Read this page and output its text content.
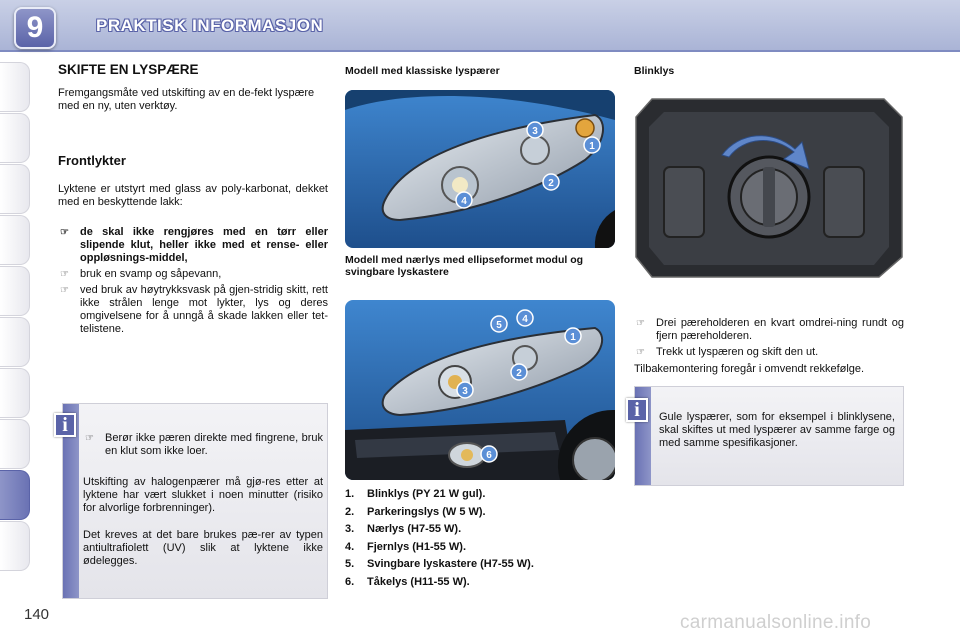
9	PRAKTISK INFORMASJON
SKIFTE EN LYSPÆRE
Fremgangsmåte ved utskifting av en de-fekt lyspære med en ny, uten verktøy.
Frontlykter
Lyktene er utstyrt med glass av poly-karbonat, dekket med en beskyttende lakk:
☞ de skal ikke rengjøres med en tørr eller slipende klut, heller ikke med et rense- eller oppløsnings-middel,
☞ bruk en svamp og såpevann,
☞ ved bruk av høytrykksvask på gjen-stridig skitt, rett ikke strålen lenge mot lykter, lys og deres omgivelsene for å unngå å skade lakken eller tet-telistene.
☞ Berør ikke pæren direkte med fingrene, bruk en klut som ikke loer.
Utskifting av halogenpærer må gjø-res etter at lyktene har vært slukket i noen minutter (risiko for alvorlige forbrenninger).
Det kreves at det bare brukes pæ-rer av typen antiultrafiolett (UV) slik at lyktene ikke ødelegges.
i
Modell med klassiske lyspærer
3
1
2
4
Modell med nærlys med ellipseformet modul og svingbare lyskastere
5
4
1
2
3
6
1. Blinklys (PY 21 W gul).
2. Parkeringslys (W 5 W).
3. Nærlys (H7-55 W).
4. Fjernlys (H1-55 W).
5. Svingbare lyskastere (H7-55 W).
6. Tåkelys (H11-55 W).
Blinklys
☞ Drei pæreholderen en kvart omdrei-ning rundt og fjern pæreholderen.
☞ Trekk ut lyspæren og skift den ut.
Tilbakemontering foregår i omvendt rekkefølge.
Gule lyspærer, som for eksempel i blinklysene, skal skiftes ut med lyspærer av samme farge og med samme spesifikasjoner.
i
140	carmanualsonline.info
